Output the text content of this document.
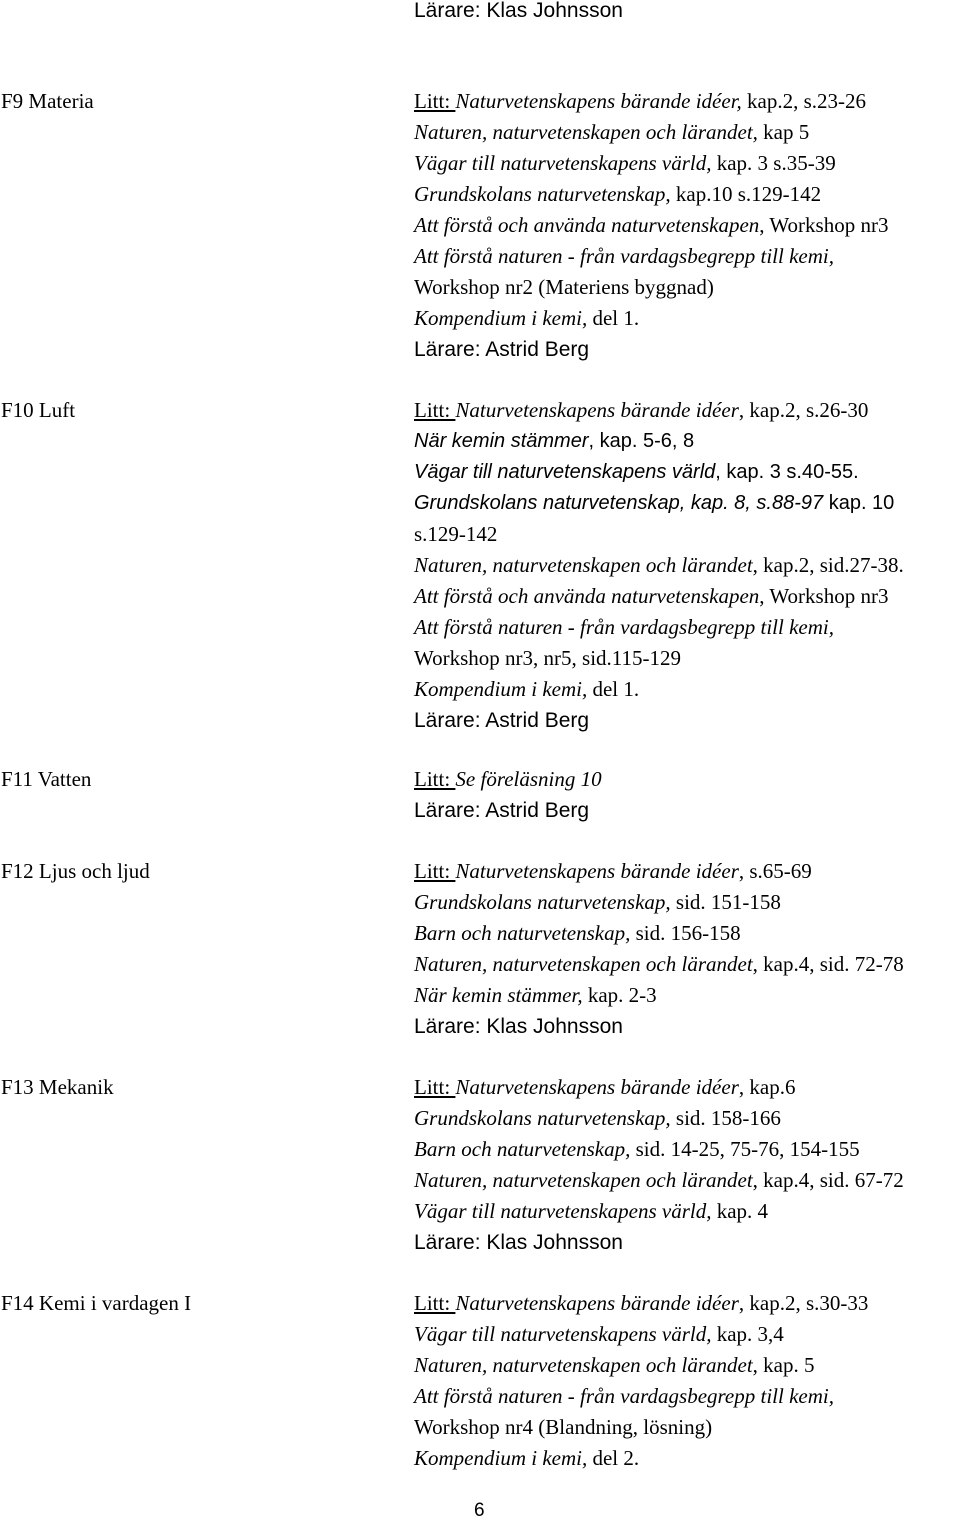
Lärare: Klas Johnsson
F9 Materia	Litt: Naturvetenskapens bärande idéer, kap.2, s.23-26
Naturen, naturvetenskapen och lärandet, kap 5
Vägar till naturvetenskapens värld, kap. 3 s.35-39
Grundskolans naturvetenskap, kap.10 s.129-142
Att förstå och använda naturvetenskapen, Workshop nr3
Att förstå naturen - från vardagsbegrepp till kemi,
Workshop nr2 (Materiens byggnad)
Kompendium i kemi, del 1.
Lärare: Astrid Berg
F10 Luft	Litt: Naturvetenskapens bärande idéer, kap.2, s.26-30
När kemin stämmer, kap. 5-6, 8
Vägar till naturvetenskapens värld, kap. 3 s.40-55.
Grundskolans naturvetenskap, kap. 8, s.88-97 kap. 10
s.129-142
Naturen, naturvetenskapen och lärandet, kap.2, sid.27-38.
Att förstå och använda naturvetenskapen, Workshop nr3
Att förstå naturen - från vardagsbegrepp till kemi,
Workshop nr3, nr5, sid.115-129
Kompendium i kemi, del 1.
Lärare: Astrid Berg
F11 Vatten	Litt: Se föreläsning 10
Lärare: Astrid Berg
F12 Ljus och ljud	Litt: Naturvetenskapens bärande idéer, s.65-69
Grundskolans naturvetenskap, sid. 151-158
Barn och naturvetenskap, sid. 156-158
Naturen, naturvetenskapen och lärandet, kap.4, sid. 72-78
När kemin stämmer, kap. 2-3
Lärare: Klas Johnsson
F13 Mekanik	Litt: Naturvetenskapens bärande idéer, kap.6
Grundskolans naturvetenskap, sid. 158-166
Barn och naturvetenskap, sid. 14-25, 75-76, 154-155
Naturen, naturvetenskapen och lärandet, kap.4, sid. 67-72
Vägar till naturvetenskapens värld, kap. 4
Lärare: Klas Johnsson
F14 Kemi i vardagen I	Litt: Naturvetenskapens bärande idéer, kap.2, s.30-33
Vägar till naturvetenskapens värld, kap. 3,4
Naturen, naturvetenskapen och lärandet, kap. 5
Att förstå naturen - från vardagsbegrepp till kemi,
Workshop nr4 (Blandning, lösning)
Kompendium i kemi, del 2.
6
